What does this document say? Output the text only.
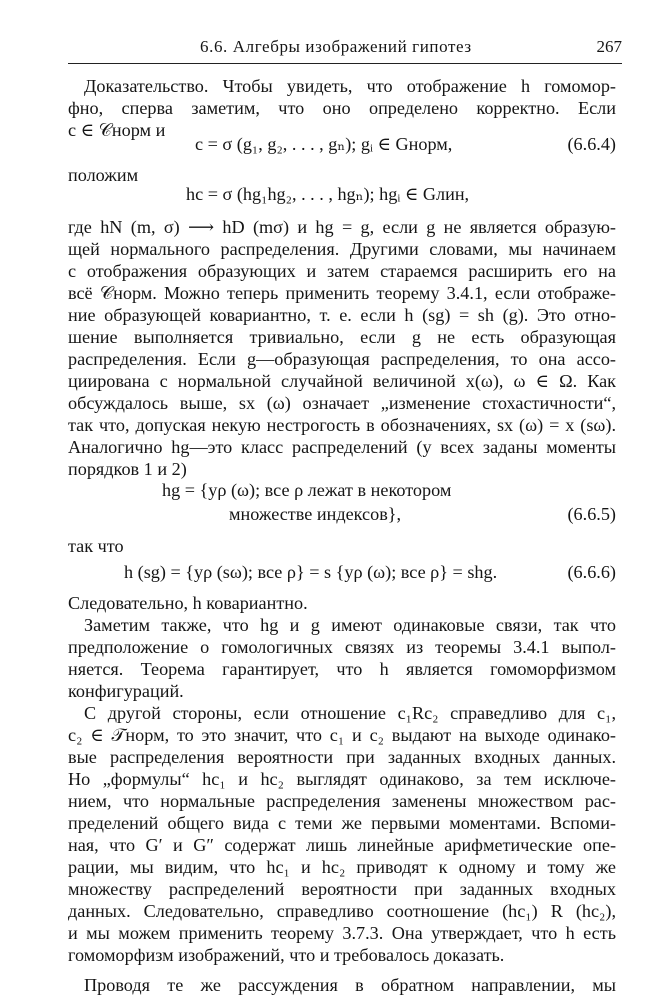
6.6. Алгебры изображений гипотез	267
Доказательство. Чтобы увидеть, что отображение h гомомор-
фно, сперва заметим, что оно определено корректно. Если
c ∈ 𝒞норм и
c = σ (g₁, g₂, . . . , gₙ); gᵢ ∈ Gнорм,	(6.6.4)
положим
hc = σ (hg₁hg₂, . . . , hgₙ); hgᵢ ∈ Gлин,
где hN (m, σ) ⟶ hD (mσ) и hg = g, если g не является образую-
щей нормального распределения. Другими словами, мы начинаем
с отображения образующих и затем стараемся расширить его на
всё 𝒞норм. Можно теперь применить теорему 3.4.1, если отображе-
ние образующей ковариантно, т. е. если h (sg) = sh (g). Это отно-
шение выполняется тривиально, если g не есть образующая
распределения. Если g—образующая распределения, то она ассо-
циирована с нормальной случайной величиной x(ω), ω ∈ Ω. Как
обсуждалось выше, sx (ω) означает „изменение стохастичности“,
так что, допуская некую нестрогость в обозначениях, sx (ω) = x (sω).
Аналогично hg—это класс распределений (у всех заданы моменты
порядков 1 и 2)
hg = {yρ (ω); все ρ лежат в некотором
множестве индексов},	(6.6.5)
так что
h (sg) = {yρ (sω); все ρ} = s {yρ (ω); все ρ} = shg.	(6.6.6)
Следовательно, h ковариантно.
Заметим также, что hg и g имеют одинаковые связи, так что
предположение о гомологичных связях из теоремы 3.4.1 выпол-
няется. Теорема гарантирует, что h является гомоморфизмом
конфигураций.
С другой стороны, если отношение c₁Rc₂ справедливо для c₁,
c₂ ∈ 𝒯норм, то это значит, что c₁ и c₂ выдают на выходе одинако-
вые распределения вероятности при заданных входных данных.
Но „формулы“ hc₁ и hc₂ выглядят одинаково, за тем исключе-
нием, что нормальные распределения заменены множеством рас-
пределений общего вида с теми же первыми моментами. Вспоми-
ная, что G′ и G″ содержат лишь линейные арифметические опе-
рации, мы видим, что hc₁ и hc₂ приводят к одному и тому же
множеству распределений вероятности при заданных входных
данных. Следовательно, справедливо соотношение (hc₁) R (hc₂),
и мы можем применить теорему 3.7.3. Она утверждает, что h есть
гомоморфизм изображений, что и требовалось доказать.
Проводя те же рассуждения в обратном направлении, мы
